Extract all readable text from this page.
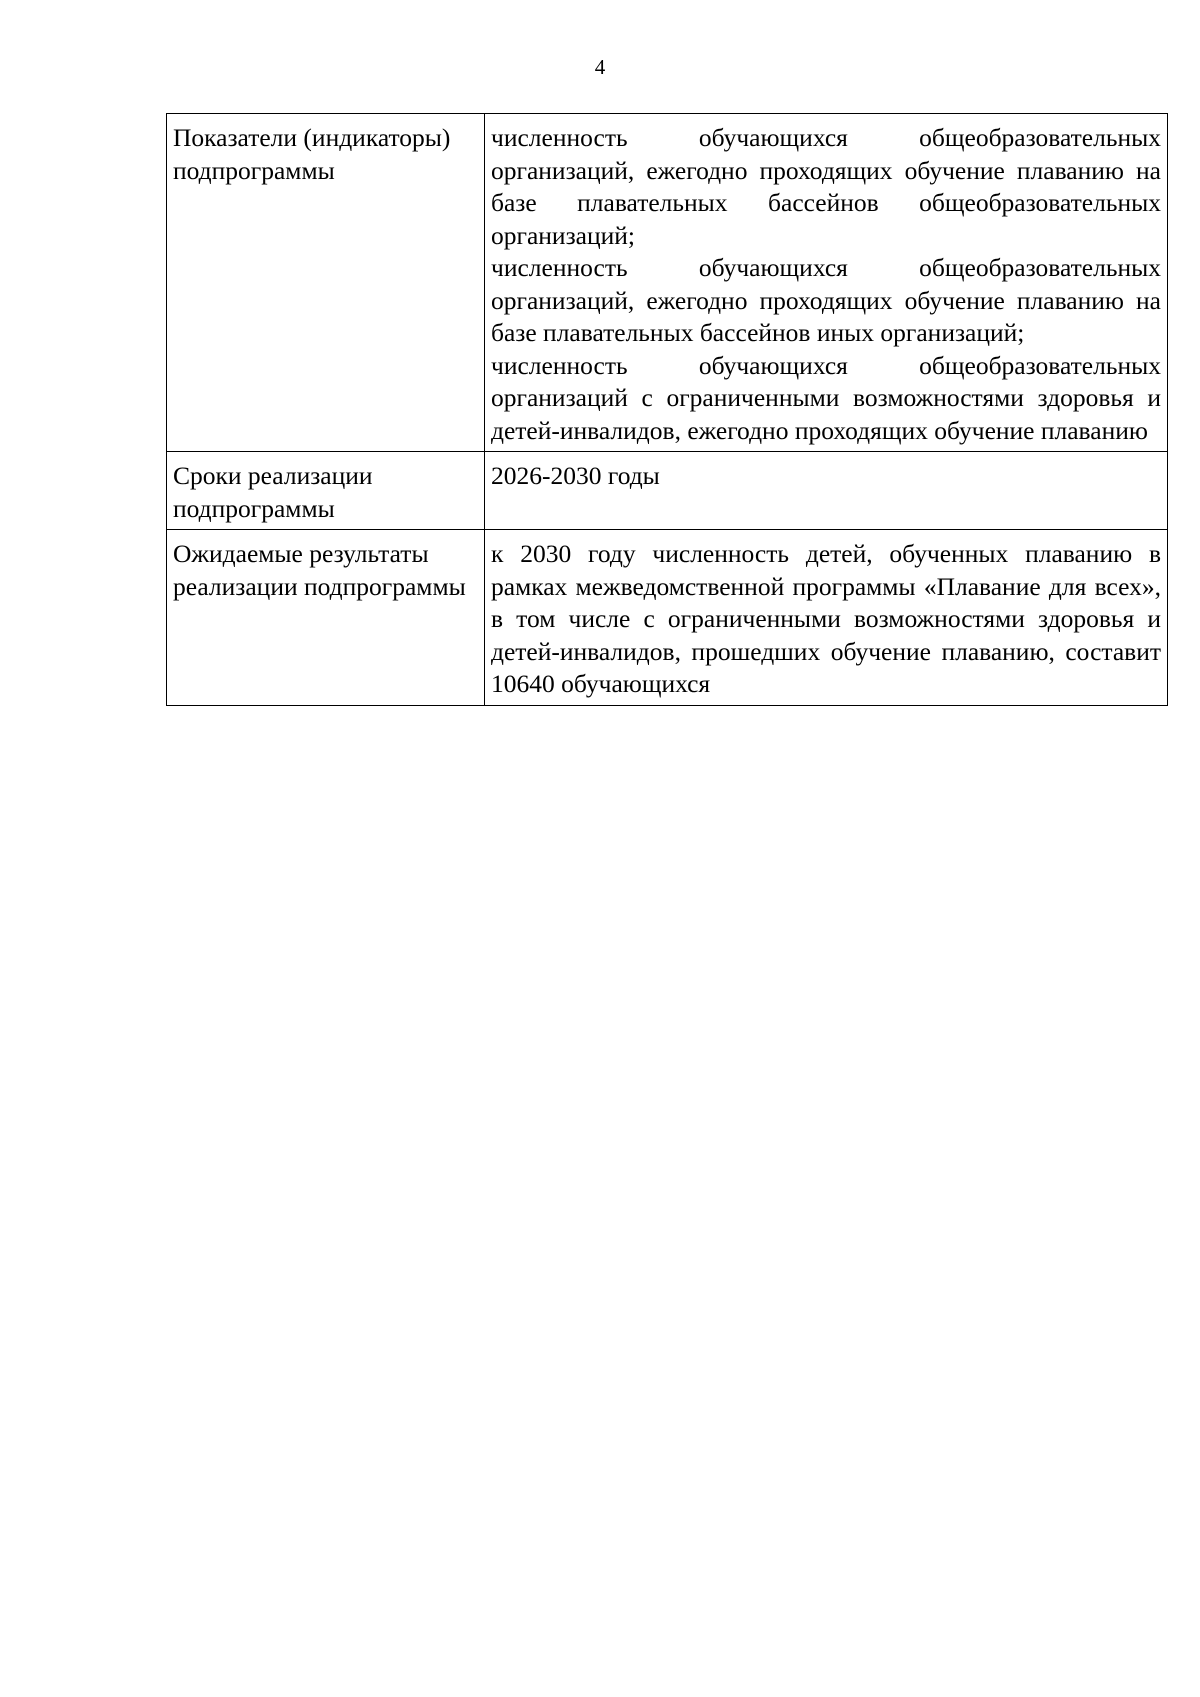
4
Показатели (индикаторы) подпрограммы	численность обучающихся общеобразовательных организаций, ежегодно проходящих обучение плаванию на базе плавательных бассейнов общеобразовательных организаций;
численность обучающихся общеобразовательных организаций, ежегодно проходящих обучение плаванию на базе плавательных бассейнов иных организаций;
численность обучающихся общеобразовательных организаций с ограниченными возможностями здоровья и детей-инвалидов, ежегодно проходящих обучение плаванию

Сроки реализации подпрограммы	2026-2030 годы

Ожидаемые результаты реализации подпрограммы	к 2030 году численность детей, обученных плаванию в рамках межведомственной программы «Плавание для всех», в том числе с ограниченными возможностями здоровья и детей-инвалидов, прошедших обучение плаванию, составит 10640 обучающихся
